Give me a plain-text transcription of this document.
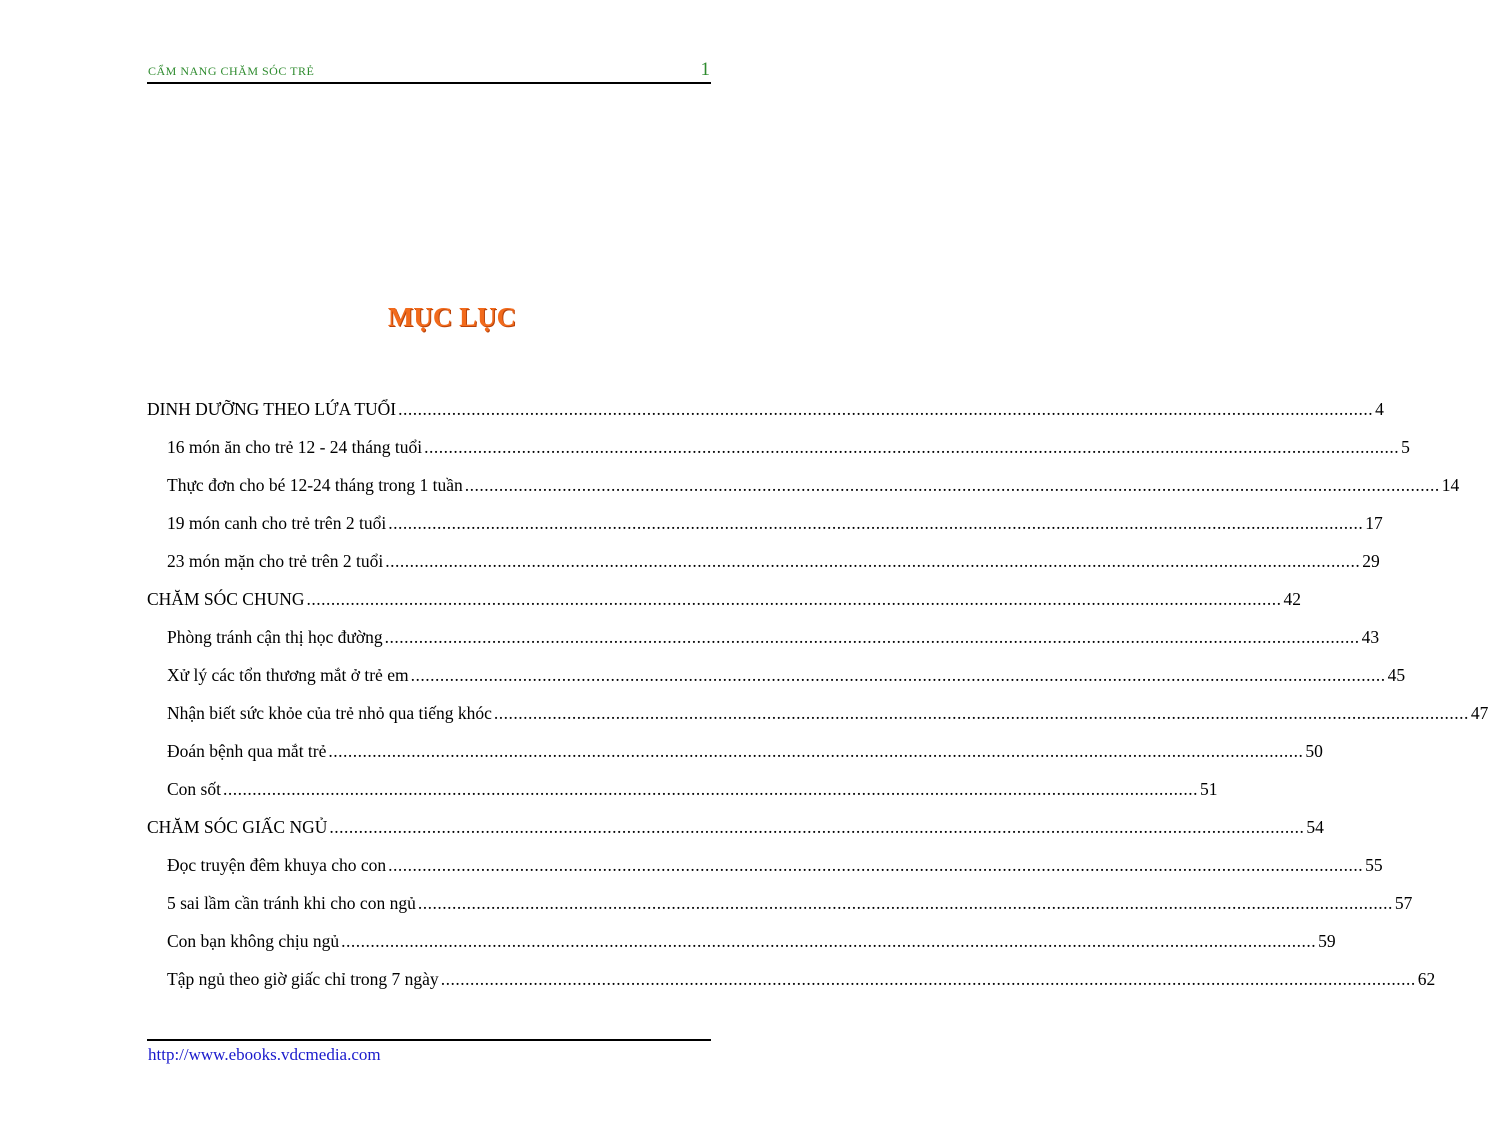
CẨM NANG CHĂM SÓC TRẺ	1
MỤC LỤC
DINH DƯỠNG THEO LỨA TUỔI ........................................................................................................................................................................................................ 4
16 món ăn cho trẻ 12 - 24 tháng tuổi ........................................................................................................................................................................................................ 5
Thực đơn cho bé 12-24 tháng trong 1 tuần ........................................................................................................................................................................................................ 14
19 món canh cho trẻ trên 2 tuổi ........................................................................................................................................................................................................ 17
23 món mặn cho trẻ trên 2 tuổi ........................................................................................................................................................................................................ 29
CHĂM SÓC CHUNG ........................................................................................................................................................................................................ 42
Phòng tránh cận thị học đường ........................................................................................................................................................................................................ 43
Xử lý các tổn thương mắt ở trẻ em ........................................................................................................................................................................................................ 45
Nhận biết sức khỏe của trẻ nhỏ qua tiếng khóc ........................................................................................................................................................................................................ 47
Đoán bệnh qua mắt trẻ ........................................................................................................................................................................................................ 50
Con sốt ........................................................................................................................................................................................................ 51
CHĂM SÓC GIẤC NGỦ ........................................................................................................................................................................................................ 54
Đọc truyện đêm khuya cho con ........................................................................................................................................................................................................ 55
5 sai lầm cần tránh khi cho con ngủ ........................................................................................................................................................................................................ 57
Con bạn không chịu ngủ ........................................................................................................................................................................................................ 59
Tập ngủ theo giờ giấc chỉ trong 7 ngày ........................................................................................................................................................................................................ 62
http://www.ebooks.vdcmedia.com
